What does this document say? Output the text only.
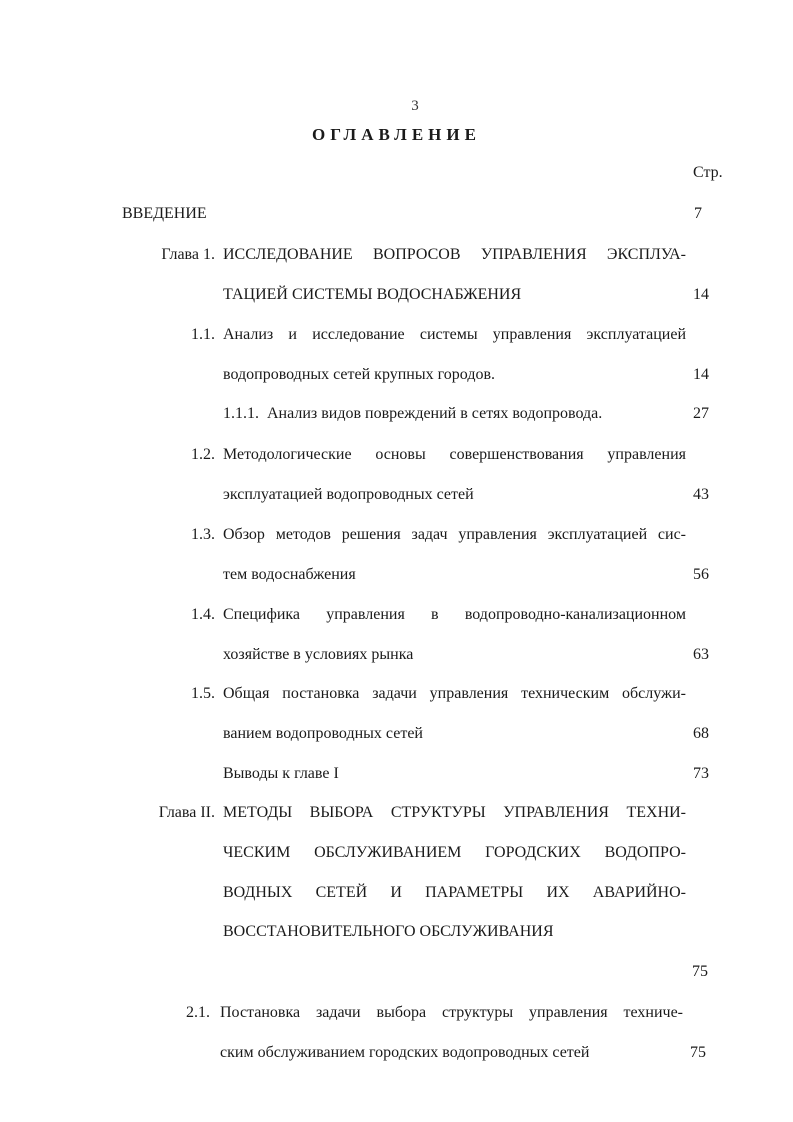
3
ОГЛАВЛЕНИЕ
Стр.
ВВЕДЕНИЕ	7
Глава 1. ИССЛЕДОВАНИЕ ВОПРОСОВ УПРАВЛЕНИЯ ЭКСПЛУА-
ТАЦИЕЙ СИСТЕМЫ ВОДОСНАБЖЕНИЯ	14
1.1. Анализ и исследование системы управления эксплуатацией
водопроводных сетей крупных городов.	14
1.1.1. Анализ видов повреждений в сетях водопровода.	27
1.2. Методологические основы совершенствования управления
эксплуатацией водопроводных сетей	43
1.3. Обзор методов решения задач управления эксплуатацией сис-
тем водоснабжения	56
1.4. Специфика управления в водопроводно-канализационном
хозяйстве в условиях рынка	63
1.5. Общая постановка задачи управления техническим обслужи-
ванием водопроводных сетей	68
Выводы к главе I	73
Глава II. МЕТОДЫ ВЫБОРА СТРУКТУРЫ УПРАВЛЕНИЯ ТЕХНИ-
ЧЕСКИМ ОБСЛУЖИВАНИЕМ ГОРОДСКИХ ВОДОПРО-
ВОДНЫХ СЕТЕЙ И ПАРАМЕТРЫ ИХ АВАРИЙНО-
ВОССТАНОВИТЕЛЬНОГО ОБСЛУЖИВАНИЯ
75
2.1. Постановка задачи выбора структуры управления техниче-
ским обслуживанием городских водопроводных сетей	75
